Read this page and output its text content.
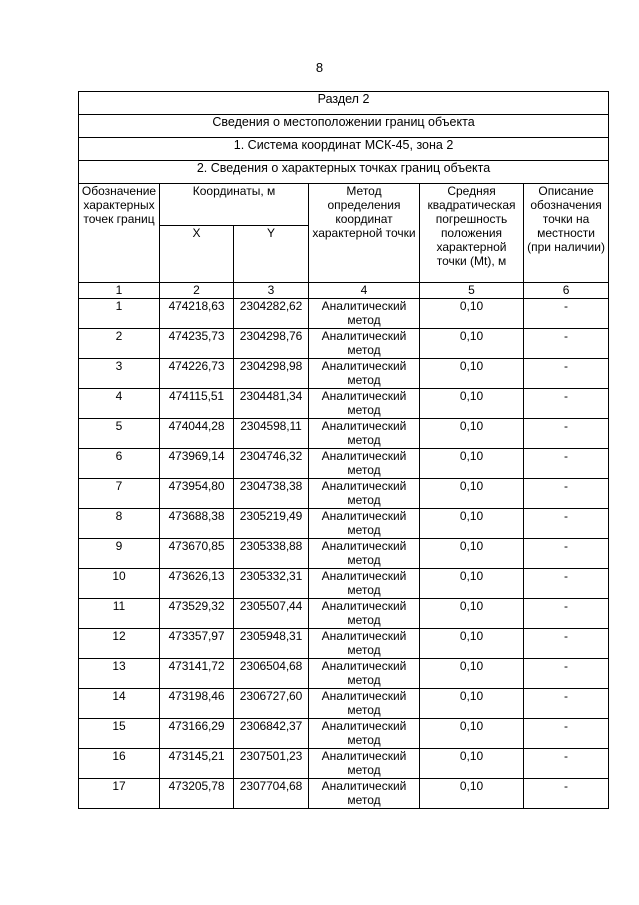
8
Раздел 2					
Сведения о местоположении границ объекта					
1. Система координат МСК-45, зона 2					
2. Сведения о характерных точках границ объекта					
Обозначение характерных точек границ	Координаты, м		Метод определения координат характерной точки	Средняя квадратическая погрешность положения характерной точки (Mt), м	Описание обозначения точки на местности (при наличии)
	X	Y			
1	2	3	4	5	6
1	474218,63	2304282,62	Аналитический метод	0,10	-
2	474235,73	2304298,76	Аналитический метод	0,10	-
3	474226,73	2304298,98	Аналитический метод	0,10	-
4	474115,51	2304481,34	Аналитический метод	0,10	-
5	474044,28	2304598,11	Аналитический метод	0,10	-
6	473969,14	2304746,32	Аналитический метод	0,10	-
7	473954,80	2304738,38	Аналитический метод	0,10	-
8	473688,38	2305219,49	Аналитический метод	0,10	-
9	473670,85	2305338,88	Аналитический метод	0,10	-
10	473626,13	2305332,31	Аналитический метод	0,10	-
11	473529,32	2305507,44	Аналитический метод	0,10	-
12	473357,97	2305948,31	Аналитический метод	0,10	-
13	473141,72	2306504,68	Аналитический метод	0,10	-
14	473198,46	2306727,60	Аналитический метод	0,10	-
15	473166,29	2306842,37	Аналитический метод	0,10	-
16	473145,21	2307501,23	Аналитический метод	0,10	-
17	473205,78	2307704,68	Аналитический метод	0,10	-
